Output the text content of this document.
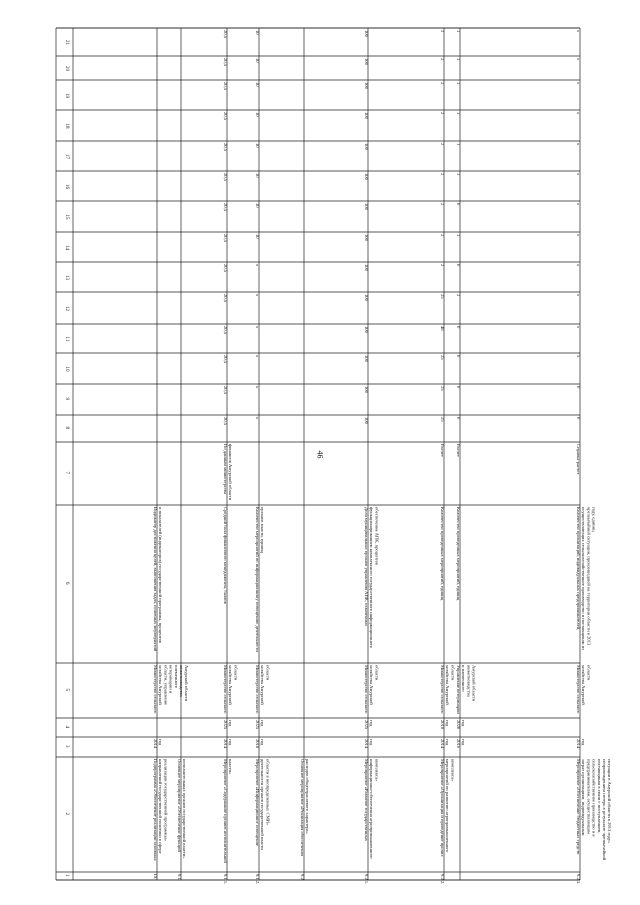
46
1
2
3
4
5
6
7
8
9
10
11
12
13
14
15
16
17
18
19
20
21
IX
Подпрограмма «Обеспечение реализации основныхнаправлений государственной политики в сферереализации государственной программы»
2014год
Министерство сельскогохозяйства Амурскойобласти, управлениеветеринарии иплеменногоживотноводстваАмурской области
Индикатор достижения целей, выполнения задач, основных мероприятийи показателей (индикаторов) государственной программы, процентов
9.1.
Основное мероприятие «Обеспечение функцийисполнительных органов государственной власти»
9.1.1.
Мероприятие «Содержание органов исполнительнойвласти»
2014год
2025год
Министерство сельскогохозяйства Амурскойобласти
Средний балл финансового менеджмента, баллов
По данным министерствафинансов Амурской области
20,5
20,5
20,5
20,5
20,5
20,5
20,5
20,5
20,5
20,5
20,5
20,5
20,5
20,5
9.1.2.
Мероприятие «Информационное освещениедеятельности органов государственной властиобласти в неопределенных СМИ»
2018год
2025год
Министерство сельскогохозяйства Амурскойобласти
Количество мероприятий по информационному освещению деятельностиорганов власти, единиц
х
х
х
х
х
х
10
10
10
10
10
10
10
10
9.2.
Основное мероприятие «Реализация обеспечениярасходов общеотраслевого характера»
9.2.1.
Мероприятие «Развитие государственныхинформационно-обеспечения агропромышленногокомплекса»
2014год
2025год
Министерство сельскогохозяйства Амурскойобласти
Доля муниципальных органов управления АПК, охваченныхфункционированием комплексного государственного информационногообеспечения АПК, процентов
100
100
100
100
100
100
100
100
100
100
100
100
100
100
9.2.2.
Мероприятие «Организация и проведение прочихмероприятий по развитию агропромышленногокомплекса»
2014год
2018год
Министерство сельскогохозяйства Амурскойобласти
Количество проведенных мероприятий, единиц
Расчет
25
25
25
48
25
2
2
2
2
2
2
2
2
2
2016год
2020год
Управление ветеринариии племенногоживотноводстваАмурской области
Количество проведенных мероприятий, единиц
Расчет
0
0
0
0
2
0
1
0
1
1
1
1
1
1
9.2.3.
Мероприятие «Обеспечение бюджетных средствзатрат организациям, индивидуальнымпредпринимателям, осуществляющимсельскохозяйственное производство и впоставщикам в связи с поступлением,сопровождением потерь в результате чрезвычайнойситуации в Амурской области в 2013 году»
2014год
Министерство сельскогохозяйства Амурскойобласти
Количество организаций, индивидуальных предпринимателей,осуществляющих сельскохозяйственное производство и поставщикам изчрезвычайной ситуации, произошедшей на территории области в 2013году, единиц
Справка-расчет
0
0
5
х
х
х
х
х
х
х
х
х
х
х
